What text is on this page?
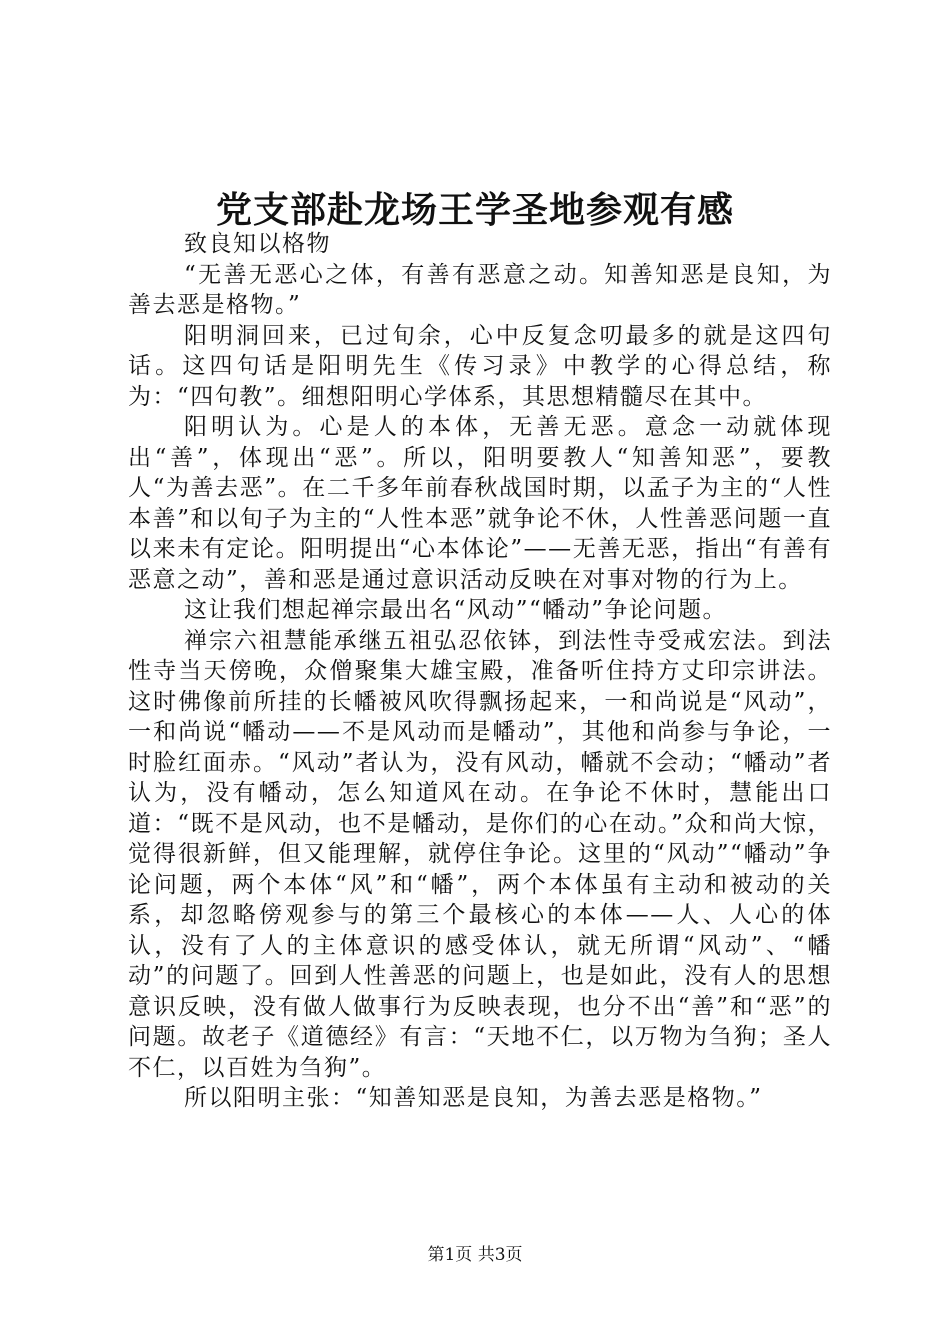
党支部赴龙场王学圣地参观有感

致良知以格物

“无善无恶心之体，有善有恶意之动。知善知恶是良知，为善去恶是格物。”

阳明洞回来，已过旬余，心中反复念叨最多的就是这四句话。这四句话是阳明先生《传习录》中教学的心得总结，称为：“四句教”。细想阳明心学体系，其思想精髓尽在其中。

阳明认为。心是人的本体，无善无恶。意念一动就体现出“善”，体现出“恶”。所以，阳明要教人“知善知恶”，要教人“为善去恶”。在二千多年前春秋战国时期，以孟子为主的“人性本善”和以旬子为主的“人性本恶”就争论不休，人性善恶问题一直以来未有定论。阳明提出“心本体论”——无善无恶，指出“有善有恶意之动”，善和恶是通过意识活动反映在对事对物的行为上。

这让我们想起禅宗最出名“风动”“幡动”争论问题。

禅宗六祖慧能承继五祖弘忍依钵，到法性寺受戒宏法。到法性寺当天傍晚，众僧聚集大雄宝殿，准备听住持方丈印宗讲法。这时佛像前所挂的长幡被风吹得飘扬起来，一和尚说是“风动”，一和尚说“幡动——不是风动而是幡动”，其他和尚参与争论，一时脸红面赤。“风动”者认为，没有风动，幡就不会动；“幡动”者认为，没有幡动，怎么知道风在动。在争论不休时，慧能出口道：“既不是风动，也不是幡动，是你们的心在动。”众和尚大惊，觉得很新鲜，但又能理解，就停住争论。这里的“风动”“幡动”争论问题，两个本体“风”和“幡”，两个本体虽有主动和被动的关系，却忽略傍观参与的第三个最核心的本体——人、人心的体认，没有了人的主体意识的感受体认，就无所谓“风动”、“幡动”的问题了。回到人性善恶的问题上，也是如此，没有人的思想意识反映，没有做人做事行为反映表现，也分不出“善”和“恶”的问题。故老子《道德经》有言：“天地不仁，以万物为刍狗；圣人不仁，以百姓为刍狗”。

所以阳明主张：“知善知恶是良知，为善去恶是格物。”

第1页 共3页
